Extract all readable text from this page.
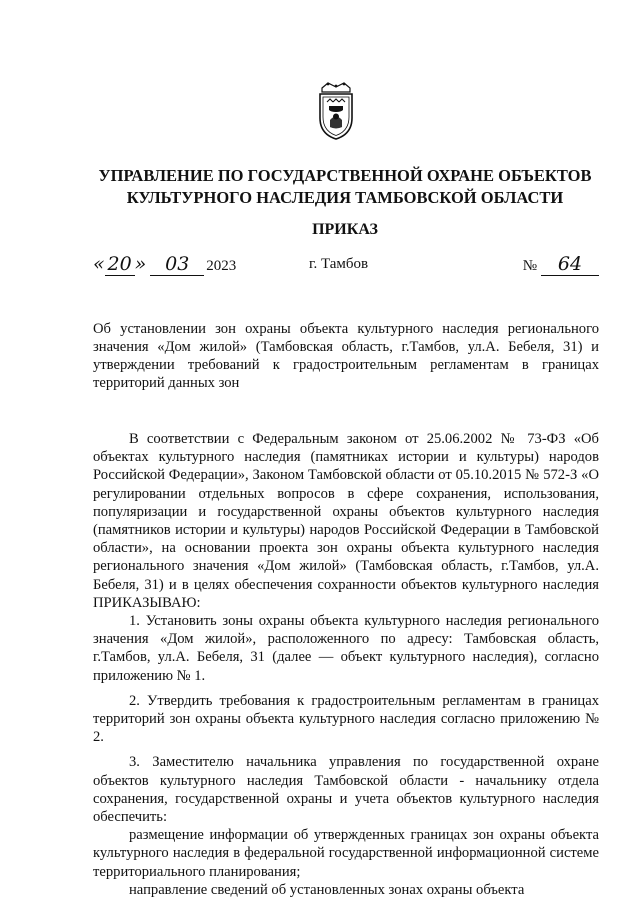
УПРАВЛЕНИЕ ПО ГОСУДАРСТВЕННОЙ ОХРАНЕ ОБЪЕКТОВ
КУЛЬТУРНОГО НАСЛЕДИЯ ТАМБОВСКОЙ ОБЛАСТИ
ПРИКАЗ
« 20 » 03 2023	г. Тамбов	№ 64
Об установлении зон охраны объекта культурного наследия регионального значения «Дом жилой» (Тамбовская область, г.Тамбов, ул.А. Бебеля, 31) и утверждении требований к градостроительным регламентам в границах территорий данных зон

В соответствии с Федеральным законом от 25.06.2002 № 73-ФЗ «Об объектах культурного наследия (памятниках истории и культуры) народов Российской Федерации», Законом Тамбовской области от 05.10.2015 № 572-З «О регулировании отдельных вопросов в сфере сохранения, использования, популяризации и государственной охраны объектов культурного наследия (памятников истории и культуры) народов Российской Федерации в Тамбовской области», на основании проекта зон охраны объекта культурного наследия регионального значения «Дом жилой» (Тамбовская область, г.Тамбов, ул.А. Бебеля, 31) и в целях обеспечения сохранности объектов культурного наследия ПРИКАЗЫВАЮ:

1. Установить зоны охраны объекта культурного наследия регионального значения «Дом жилой», расположенного по адресу: Тамбовская область, г.Тамбов, ул.А. Бебеля, 31 (далее — объект культурного наследия), согласно приложению № 1.

2. Утвердить требования к градостроительным регламентам в границах территорий зон охраны объекта культурного наследия согласно приложению № 2.

3. Заместителю начальника управления по государственной охране объектов культурного наследия Тамбовской области - начальнику отдела сохранения, государственной охраны и учета объектов культурного наследия обеспечить:

размещение информации об утвержденных границах зон охраны объекта культурного наследия в федеральной государственной информационной системе территориального планирования;

направление сведений об установленных зонах охраны объекта
